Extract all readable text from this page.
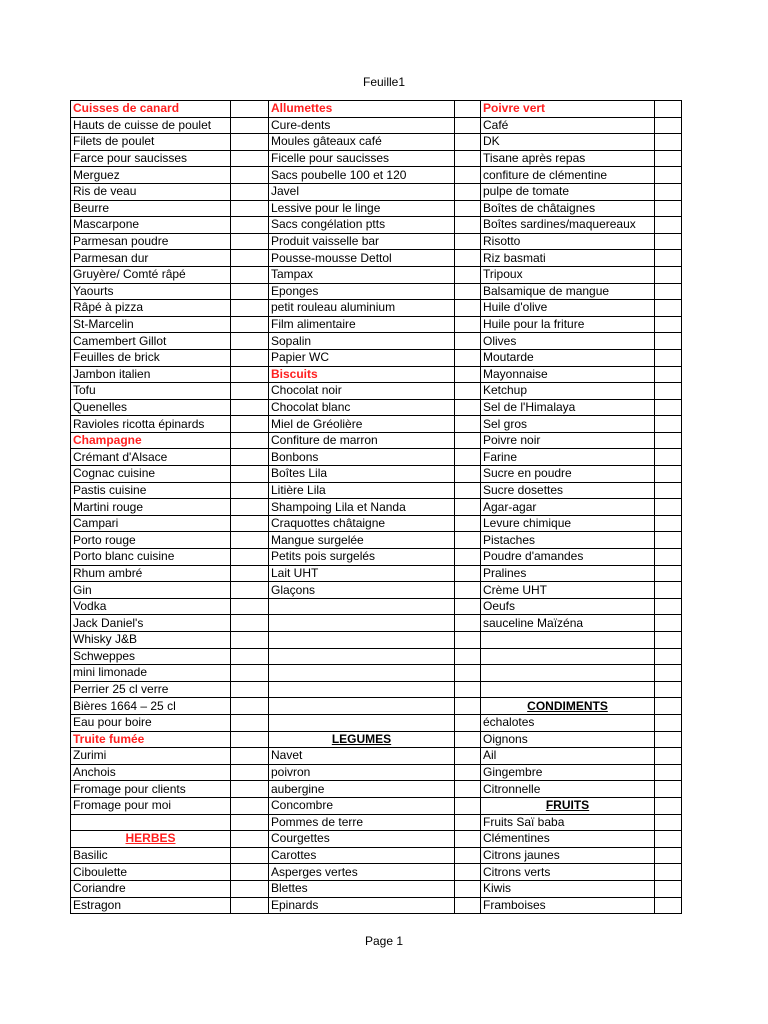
Feuille1
Cuisses de canard		Allumettes		Poivre vert	
Hauts de cuisse de poulet		Cure-dents		Café	
Filets de poulet		Moules gâteaux café		DK	
Farce pour saucisses		Ficelle pour saucisses		Tisane après repas	
Merguez		Sacs poubelle 100 et 120		confiture de clémentine	
Ris de veau		Javel		pulpe de tomate	
Beurre		Lessive pour le linge		Boîtes de châtaignes	
Mascarpone		Sacs congélation ptts		Boîtes sardines/maquereaux	
Parmesan poudre		Produit vaisselle bar		Risotto	
Parmesan dur		Pousse-mousse Dettol		Riz basmati	
Gruyère/ Comté râpé		Tampax		Tripoux	
Yaourts		Eponges		Balsamique de mangue	
Râpé à pizza		petit rouleau aluminium		Huile d'olive	
St-Marcelin		Film alimentaire		Huile pour la friture	
Camembert Gillot		Sopalin		Olives	
Feuilles de brick		Papier WC		Moutarde	
Jambon italien		Biscuits		Mayonnaise	
Tofu		Chocolat noir		Ketchup	
Quenelles		Chocolat blanc		Sel de l'Himalaya	
Ravioles ricotta épinards		Miel de Gréolière		Sel gros	
Champagne		Confiture de marron		Poivre noir	
Crémant d'Alsace		Bonbons		Farine	
Cognac cuisine		Boîtes Lila		Sucre en poudre	
Pastis cuisine		Litière Lila		Sucre dosettes	
Martini rouge		Shampoing Lila et Nanda		Agar-agar	
Campari		Craquottes châtaigne		Levure chimique	
Porto rouge		Mangue surgelée		Pistaches	
Porto blanc cuisine		Petits pois surgelés		Poudre d'amandes	
Rhum ambré		Lait UHT		Pralines	
Gin		Glaçons		Crème UHT	
Vodka				Oeufs	
Jack Daniel's				sauceline Maïzéna	
Whisky J&B					
Schweppes					
mini limonade					
Perrier 25 cl verre					
Bières 1664 – 25 cl				CONDIMENTS	
Eau pour boire				échalotes	
Truite fumée		LEGUMES		Oignons	
Zurimi		Navet		Ail	
Anchois		poivron		Gingembre	
Fromage pour clients		aubergine		Citronnelle	
Fromage pour moi		Concombre		FRUITS	
		Pommes de terre		Fruits Saï baba	
HERBES		Courgettes		Clémentines	
Basilic		Carottes		Citrons jaunes	
Ciboulette		Asperges vertes		Citrons verts	
Coriandre		Blettes		Kiwis	
Estragon		Epinards		Framboises	
Page 1
